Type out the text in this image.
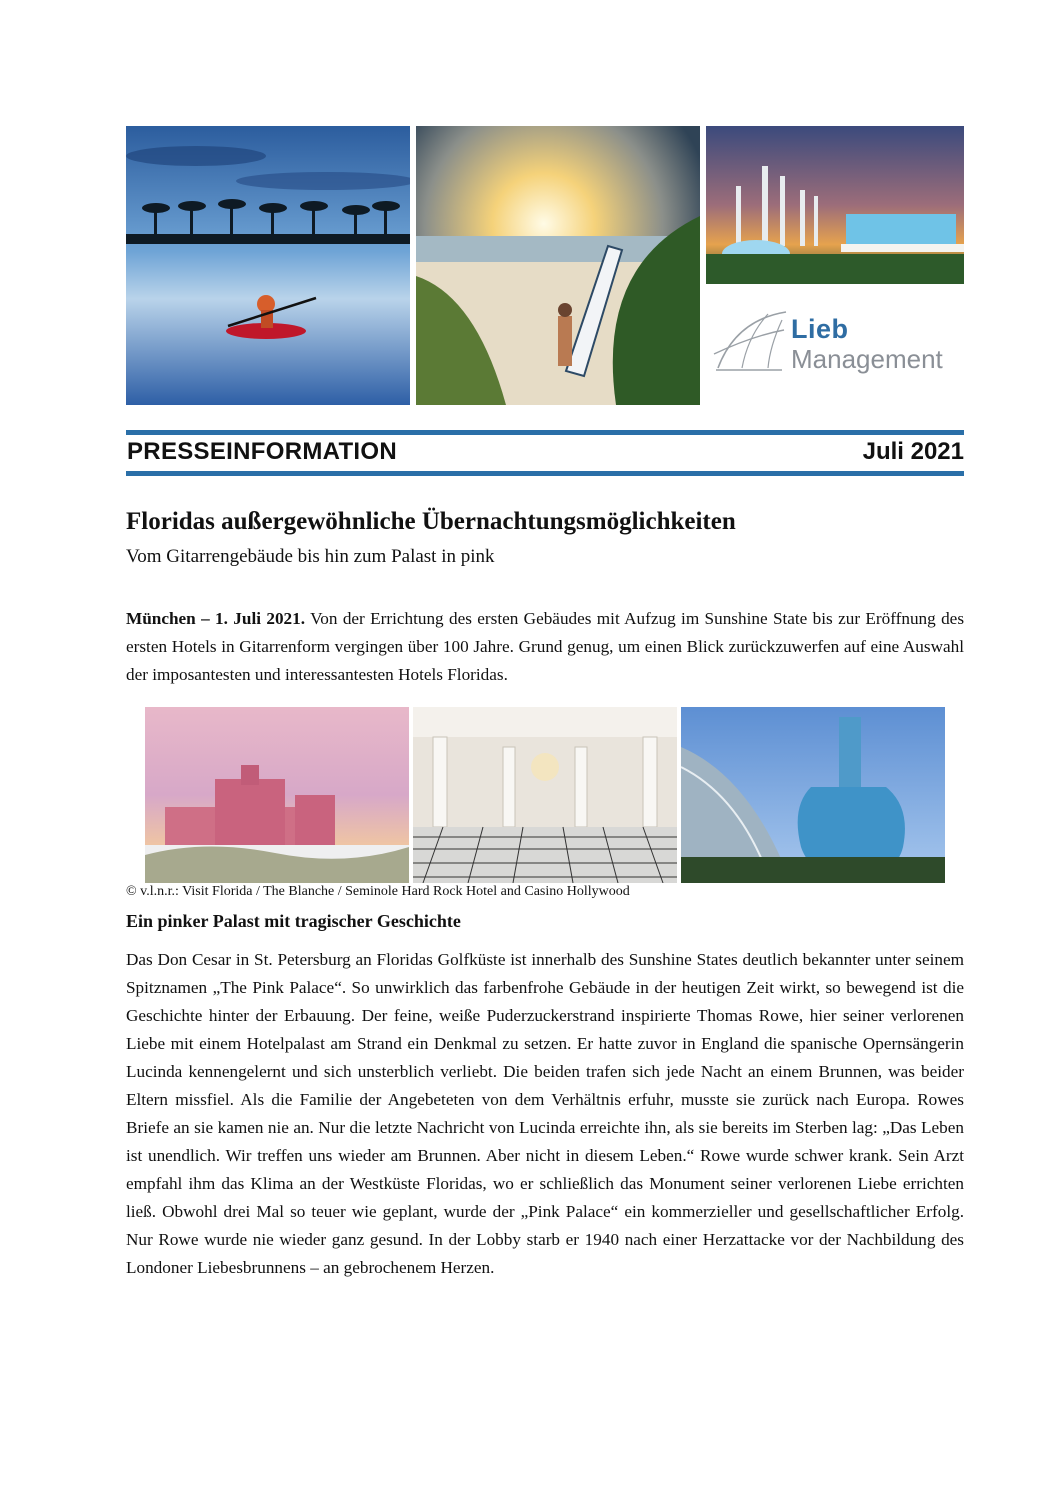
Lieb
Management
PRESSEINFORMATION	Juli 2021
Floridas außergewöhnliche Übernachtungsmöglichkeiten
Vom Gitarrengebäude bis hin zum Palast in pink
München – 1. Juli 2021. Von der Errichtung des ersten Gebäudes mit Aufzug im Sunshine State bis zur Eröffnung des ersten Hotels in Gitarrenform vergingen über 100 Jahre. Grund genug, um einen Blick zurückzuwerfen auf eine Auswahl der imposantesten und interessantesten Hotels Floridas.
© v.l.n.r.: Visit Florida / The Blanche / Seminole Hard Rock Hotel and Casino Hollywood
Ein pinker Palast mit tragischer Geschichte
Das Don Cesar in St. Petersburg an Floridas Golfküste ist innerhalb des Sunshine States deutlich bekannter unter seinem Spitznamen „The Pink Palace“. So unwirklich das farbenfrohe Gebäude in der heutigen Zeit wirkt, so bewegend ist die Geschichte hinter der Erbauung. Der feine, weiße Puderzuckerstrand inspirierte Thomas Rowe, hier seiner verlorenen Liebe mit einem Hotelpalast am Strand ein Denkmal zu setzen. Er hatte zuvor in England die spanische Opernsängerin Lucinda kennengelernt und sich unsterblich verliebt. Die beiden trafen sich jede Nacht an einem Brunnen, was beider Eltern missfiel. Als die Familie der Angebeteten von dem Verhältnis erfuhr, musste sie zurück nach Europa. Rowes Briefe an sie kamen nie an. Nur die letzte Nachricht von Lucinda erreichte ihn, als sie bereits im Sterben lag: „Das Leben ist unendlich. Wir treffen uns wieder am Brunnen. Aber nicht in diesem Leben.“ Rowe wurde schwer krank. Sein Arzt empfahl ihm das Klima an der Westküste Floridas, wo er schließlich das Monument seiner verlorenen Liebe errichten ließ. Obwohl drei Mal so teuer wie geplant, wurde der „Pink Palace“ ein kommerzieller und gesellschaftlicher Erfolg. Nur Rowe wurde nie wieder ganz gesund. In der Lobby starb er 1940 nach einer Herzattacke vor der Nachbildung des Londoner Liebesbrunnens – an gebrochenem Herzen.
